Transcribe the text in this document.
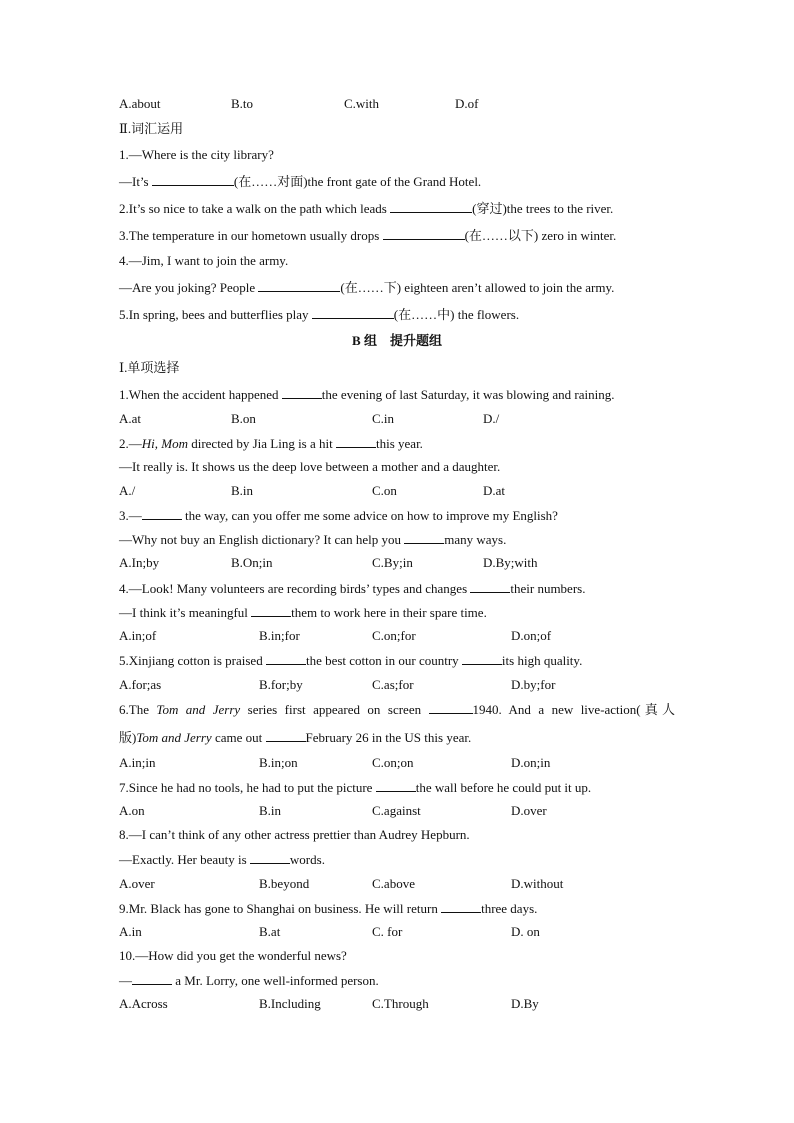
A.about	B.to	C.with	D.of
Ⅱ.词汇运用
1.—Where is the city library?
—It’s	(在……对面)the front gate of the Grand Hotel.
2.It’s so nice to take a walk on the path which leads	(穿过)the trees to the river.
3.The temperature in our hometown usually drops	(在……以下) zero in winter.
4.—Jim, I want to join the army.
—Are you joking? People	(在……下) eighteen aren’t allowed to join the army.
5.In spring, bees and butterflies play	(在……中) the flowers.
B 组　提升题组
Ⅰ.单项选择
1.When the accident happened	the evening of last Saturday, it was blowing and raining.
A.at	B.on	C.in	D./
2.—Hi, Mom directed by Jia Ling is a hit	this year.
—It really is. It shows us the deep love between a mother and a daughter.
A./	B.in	C.on	D.at
3.—	the way, can you offer me some advice on how to improve my English?
—Why not buy an English dictionary? It can help you	many ways.
A.In;by	B.On;in	C.By;in	D.By;with
4.—Look! Many volunteers are recording birds’ types and changes	their numbers.
—I think it’s meaningful	them to work here in their spare time.
A.in;of	B.in;for	C.on;for	D.on;of
5.Xinjiang cotton is praised	the best cotton in our country	its high quality.
A.for;as	B.for;by	C.as;for	D.by;for
6.The Tom and Jerry series first appeared on screen	1940. And a new live-action(真人
版)Tom and Jerry came out	February 26 in the US this year.
A.in;in	B.in;on	C.on;on	D.on;in
7.Since he had no tools, he had to put the picture	the wall before he could put it up.
A.on	B.in	C.against	D.over
8.—I can’t think of any other actress prettier than Audrey Hepburn.
—Exactly. Her beauty is	words.
A.over	B.beyond	C.above	D.without
9.Mr. Black has gone to Shanghai on business. He will return	three days.
A.in	B.at	C. for	D. on
10.—How did you get the wonderful news?
—	a Mr. Lorry, one well-informed person.
A.Across	B.Including	C.Through	D.By
